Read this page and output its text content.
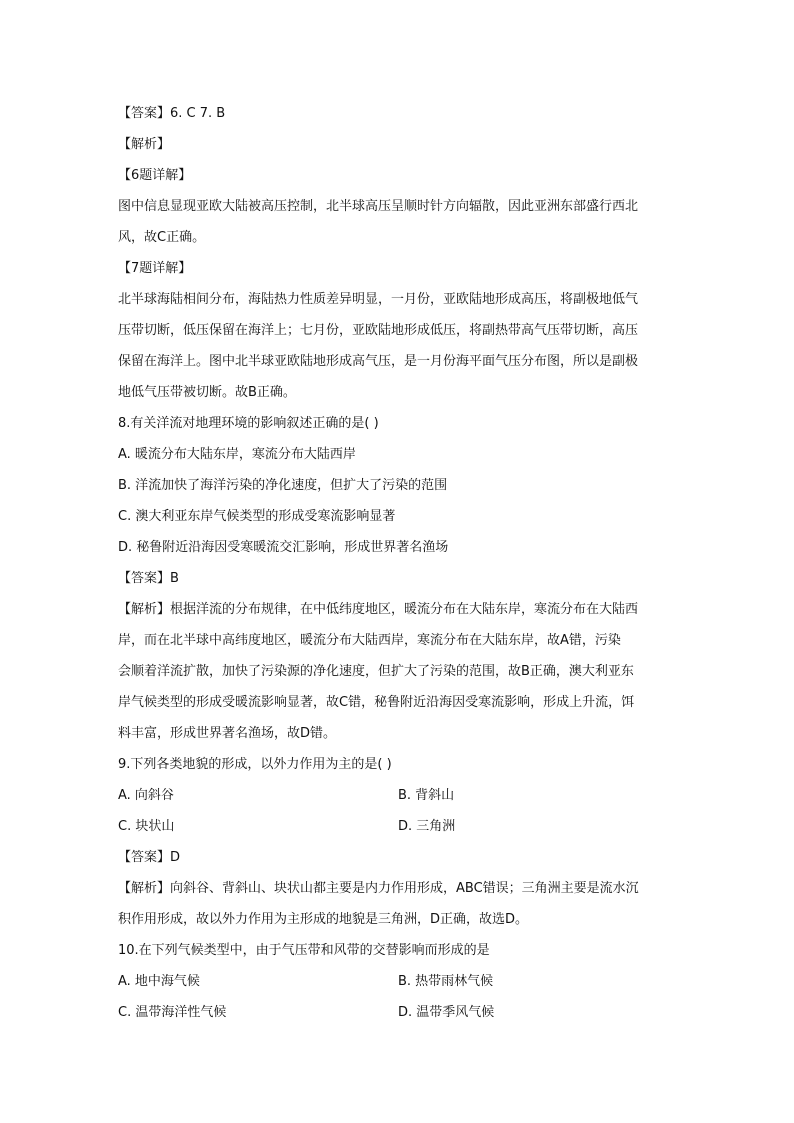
【答案】6. C 7. B
【解析】
【6题详解】
图中信息显现亚欧大陆被高压控制，北半球高压呈顺时针方向辐散，因此亚洲东部盛行西北
风，故C正确。
【7题详解】
北半球海陆相间分布，海陆热力性质差异明显，一月份，亚欧陆地形成高压，将副极地低气
压带切断，低压保留在海洋上；七月份，亚欧陆地形成低压，将副热带高气压带切断，高压
保留在海洋上。图中北半球亚欧陆地形成高气压，是一月份海平面气压分布图，所以是副极
地低气压带被切断。故B正确。
8.有关洋流对地理环境的影响叙述正确的是( )
A. 暖流分布大陆东岸，寒流分布大陆西岸
B. 洋流加快了海洋污染的净化速度，但扩大了污染的范围
C. 澳大利亚东岸气候类型的形成受寒流影响显著
D. 秘鲁附近沿海因受寒暖流交汇影响，形成世界著名渔场
【答案】B
【解析】根据洋流的分布规律，在中低纬度地区，暖流分布在大陆东岸，寒流分布在大陆西
岸，而在北半球中高纬度地区，暖流分布大陆西岸，寒流分布在大陆东岸，故A错，污染
会顺着洋流扩散，加快了污染源的净化速度，但扩大了污染的范围，故B正确，澳大利亚东
岸气候类型的形成受暖流影响显著，故C错，秘鲁附近沿海因受寒流影响，形成上升流，饵
料丰富，形成世界著名渔场，故D错。
9.下列各类地貌的形成，以外力作用为主的是( )
A. 向斜谷	B. 背斜山
C. 块状山	D. 三角洲
【答案】D
【解析】向斜谷、背斜山、块状山都主要是内力作用形成，ABC错误；三角洲主要是流水沉
积作用形成，故以外力作用为主形成的地貌是三角洲，D正确，故选D。
10.在下列气候类型中，由于气压带和风带的交替影响而形成的是
A. 地中海气候	B. 热带雨林气候
C. 温带海洋性气候	D. 温带季风气候
